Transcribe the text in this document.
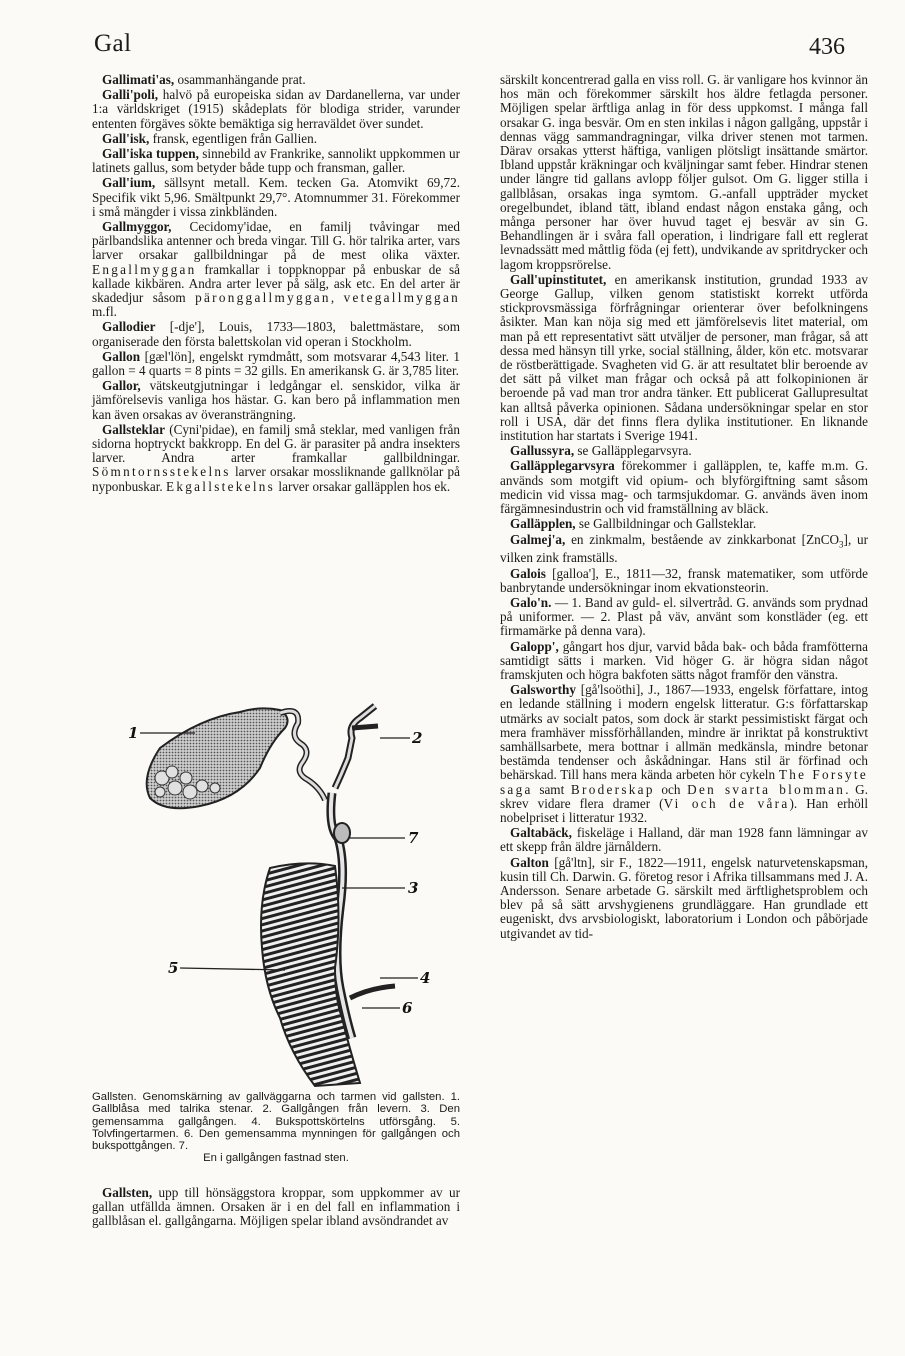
Gal	436

Gallimati'as, osammanhängande prat.

Galli'poli, halvö på europeiska sidan av Dardanellerna, var under 1:a världskriget (1915) skådeplats för blodiga strider, varunder ententen förgäves sökte bemäktiga sig herraväldet över sundet.

Gall'isk, fransk, egentligen från Gallien.

Gall'iska tuppen, sinnebild av Frankrike, sannolikt uppkommen ur latinets gallus, som betyder både tupp och fransman, galler.

Gall'ium, sällsynt metall. Kem. tecken Ga. Atomvikt 69,72. Specifik vikt 5,96. Smältpunkt 29,7°. Atomnummer 31. Förekommer i små mängder i vissa zinkbländen.

Gallmyggor, Cecidomy'idae, en familj tvåvingar med pärlbandslika antenner och breda vingar. Till G. hör talrika arter, vars larver orsakar gallbildningar på de mest olika växter. Engallmyggan framkallar i toppknoppar på enbuskar de så kallade kikbären. Andra arter lever på sälg, ask etc. En del arter är skadedjur såsom päronggallmyggan, vetegallmyggan m.fl.

Gallodier [-dje'], Louis, 1733—1803, balettmästare, som organiserade den första balettskolan vid operan i Stockholm.

Gallon [gæl'lön], engelskt rymdmått, som motsvarar 4,543 liter. 1 gallon = 4 quarts = 8 pints = 32 gills. En amerikansk G. är 3,785 liter.

Gallor, vätskeutgjutningar i ledgångar el. senskidor, vilka är jämförelsevis vanliga hos hästar. G. kan bero på inflammation men kan även orsakas av överansträngning.

Gallsteklar (Cyni'pidae), en familj små steklar, med vanligen från sidorna hoptryckt bakkropp. En del G. är parasiter på andra insekters larver. Andra arter framkallar gallbildningar. Sömntornsstekelns larver orsakar mossliknande gallknölar på nyponbuskar. Ekgallstekelns larver orsakar galläpplen hos ek.

1	2
7
3
5
4
6
Gallsten. Genomskärning av gallväggarna och tarmen vid gallsten. 1. Gallblåsa med talrika stenar. 2. Gallgången från levern. 3. Den gemensamma gallgången. 4. Bukspottskörtelns utförsgång. 5. Tolvfingertarmen. 6. Den gemensamma mynningen för gallgången och bukspottgången. 7.
En i gallgången fastnad sten.

Gallsten, upp till hönsäggstora kroppar, som uppkommer av ur gallan utfällda ämnen. Orsaken är i en del fall en inflammation i gallblåsan el. gallgångarna. Möjligen spelar ibland avsöndrandet av

särskilt koncentrerad galla en viss roll. G. är vanligare hos kvinnor än hos män och förekommer särskilt hos äldre fetlagda personer. Möjligen spelar ärftliga anlag in för dess uppkomst. I många fall orsakar G. inga besvär. Om en sten inkilas i någon gallgång, uppstår i dennas vägg sammandragningar, vilka driver stenen mot tarmen. Därav orsakas ytterst häftiga, vanligen plötsligt insättande smärtor. Ibland uppstår kräkningar och kväljningar samt feber. Hindrar stenen under längre tid gallans avlopp följer gulsot. Om G. ligger stilla i gallblåsan, orsakas inga symtom. G.-anfall uppträder mycket oregelbundet, ibland tätt, ibland endast någon enstaka gång, och många personer har över huvud taget ej besvär av sin G. Behandlingen är i svåra fall operation, i lindrigare fall ett reglerat levnadssätt med måttlig föda (ej fett), undvikande av spritdrycker och lagom kroppsrörelse.

Gall'upinstitutet, en amerikansk institution, grundad 1933 av George Gallup, vilken genom statistiskt korrekt utförda stickprovsmässiga förfrågningar orienterar över befolkningens åsikter. Man kan nöja sig med ett jämförelsevis litet material, om man på ett representativt sätt utväljer de personer, man frågar, så att dessa med hänsyn till yrke, social ställning, ålder, kön etc. motsvarar de röstberättigade. Svagheten vid G. är att resultatet blir beroende av det sätt på vilket man frågar och också på att folkopinionen är beroende på vad man tror andra tänker. Ett publicerat Gallupresultat kan alltså påverka opinionen. Sådana undersökningar spelar en stor roll i USA, där det finns flera dylika institutioner. En liknande institution har startats i Sverige 1941.

Gallussyra, se Galläpplegarvsyra.

Galläpplegarvsyra förekommer i galläpplen, te, kaffe m.m. G. används som motgift vid opium- och blyförgiftning samt såsom medicin vid vissa mag- och tarmsjukdomar. G. används även inom färgämnesindustrin och vid framställning av bläck.

Galläpplen, se Gallbildningar och Gallsteklar.

Galmej'a, en zinkmalm, bestående av zinkkarbonat [ZnCO$_3$], ur vilken zink framställs.

Galois [galloa'], E., 1811—32, fransk matematiker, som utförde banbrytande undersökningar inom ekvationsteorin.

Galo'n. — 1. Band av guld- el. silvertråd. G. används som prydnad på uniformer. — 2. Plast på väv, använt som konstläder (eg. ett firmamärke på denna vara).

Galopp', gångart hos djur, varvid båda bak- och båda framfötterna samtidigt sätts i marken. Vid höger G. är högra sidan något framskjuten och högra bakfoten sätts något framför den vänstra.

Galsworthy [gå'lsoöthi], J., 1867—1933, engelsk författare, intog en ledande ställning i modern engelsk litteratur. G:s författarskap utmärks av socialt patos, som dock är starkt pessimistiskt färgat och mera framhäver missförhållanden, mindre är inriktat på konstruktivt samhällsarbete, mera bottnar i allmän medkänsla, mindre betonar bestämda tendenser och åskådningar. Hans stil är förfinad och behärskad. Till hans mera kända arbeten hör cykeln The Forsyte saga samt Broderskap och Den svarta blomman. G. skrev vidare flera dramer (Vi och de våra). Han erhöll nobelpriset i litteratur 1932.

Galtabäck, fiskeläge i Halland, där man 1928 fann lämningar av ett skepp från äldre järnåldern.

Galton [gå'ltn], sir F., 1822—1911, engelsk naturvetenskapsman, kusin till Ch. Darwin. G. företog resor i Afrika tillsammans med J. A. Andersson. Senare arbetade G. särskilt med ärftlighetsproblem och blev på så sätt arvshygienens grundläggare. Han grundlade ett eugeniskt, dvs arvsbiologiskt, laboratorium i London och påbörjade utgivandet av tid-
